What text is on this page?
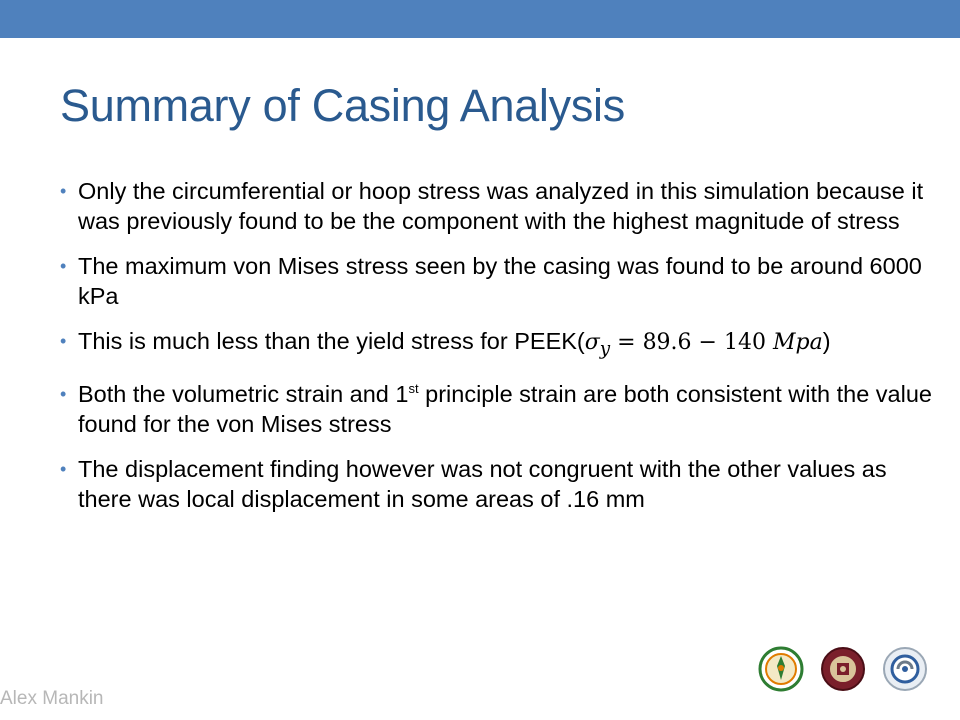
Summary of Casing Analysis
• Only the circumferential or hoop stress was analyzed in this simulation because it was previously found to be the component with the highest magnitude of stress
• The maximum von Mises stress seen by the casing was found to be around 6000 kPa
• This is much less than the yield stress for $PEEK(\sigma_y = 89.6 - 140$ Mpa)
• Both the volumetric strain and 1st principle strain are both consistent with the value found for the von Mises stress
• The displacement finding however was not congruent with the other values as there was local displacement in some areas of .16 mm
Alex Mankin
